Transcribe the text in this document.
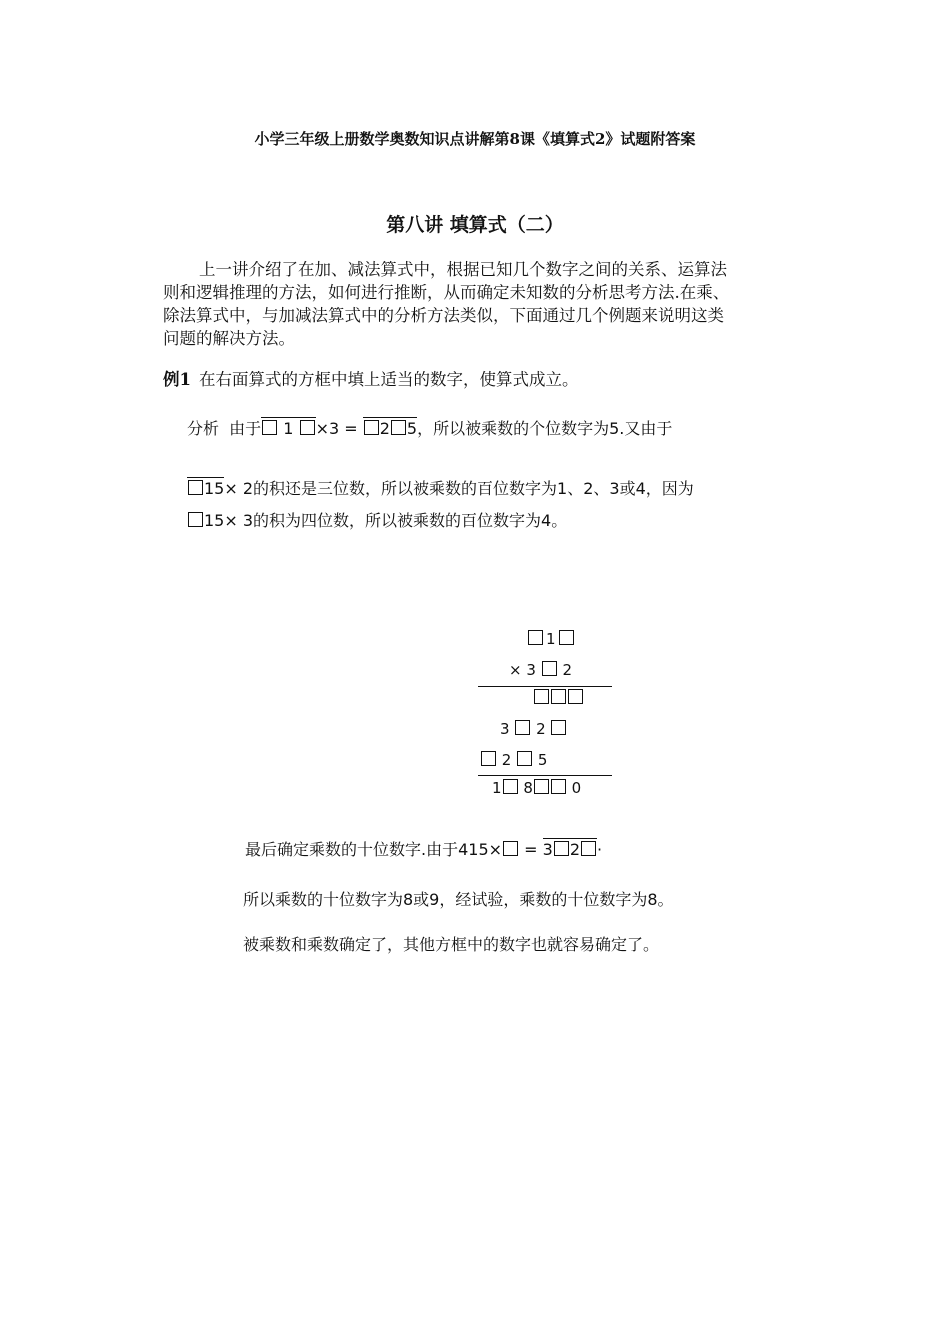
小学三年级上册数学奥数知识点讲解第8课《填算式2》试题附答案
第八讲 填算式（二）
上一讲介绍了在加、减法算式中，根据已知几个数字之间的关系、运算法
则和逻辑推理的方法，如何进行推断，从而确定未知数的分析思考方法.在乘、
除法算式中，与加减法算式中的分析方法类似，下面通过几个例题来说明这类
问题的解决方法。
例1 在右面算式的方框中填上适当的数字，使算式成立。
分析  由于 1 ×3 = 2 5，所以被乘数的个位数字为5.又由于
15× 2的积还是三位数，所以被乘数的百位数字为1、2、3或4，因为
15× 3的积为四位数，所以被乘数的百位数字为4。
1
× 3 2
3 2
2 5
1 8	0
最后确定乘数的十位数字.由于415× = 3 2 ·
所以乘数的十位数字为8或9，经试验，乘数的十位数字为8。
被乘数和乘数确定了，其他方框中的数字也就容易确定了。
